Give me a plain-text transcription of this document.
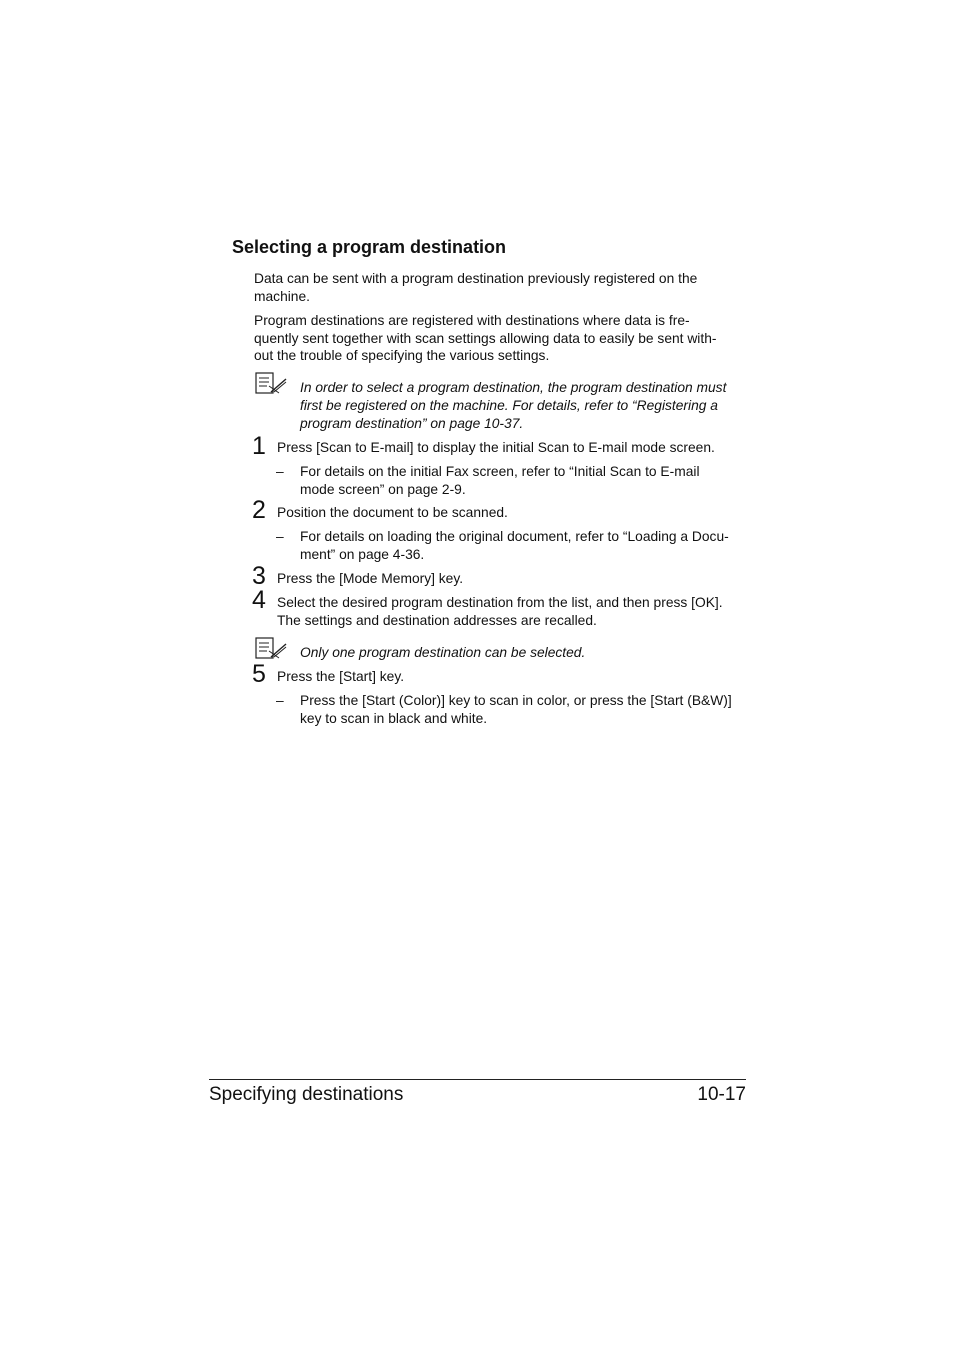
Selecting a program destination
Data can be sent with a program destination previously registered on the
machine.
Program destinations are registered with destinations where data is fre-
quently sent together with scan settings allowing data to easily be sent with-
out the trouble of specifying the various settings.
In order to select a program destination, the program destination must
first be registered on the machine. For details, refer to “Registering a
program destination” on page 10-37.
1 Press [Scan to E-mail] to display the initial Scan to E-mail mode screen.
– For details on the initial Fax screen, refer to “Initial Scan to E-mail
mode screen” on page 2-9.
2 Position the document to be scanned.
– For details on loading the original document, refer to “Loading a Docu-
ment” on page 4-36.
3 Press the [Mode Memory] key.
4 Select the desired program destination from the list, and then press [OK].
The settings and destination addresses are recalled.
Only one program destination can be selected.
5 Press the [Start] key.
– Press the [Start (Color)] key to scan in color, or press the [Start (B&W)]
key to scan in black and white.
Specifying destinations	10-17
